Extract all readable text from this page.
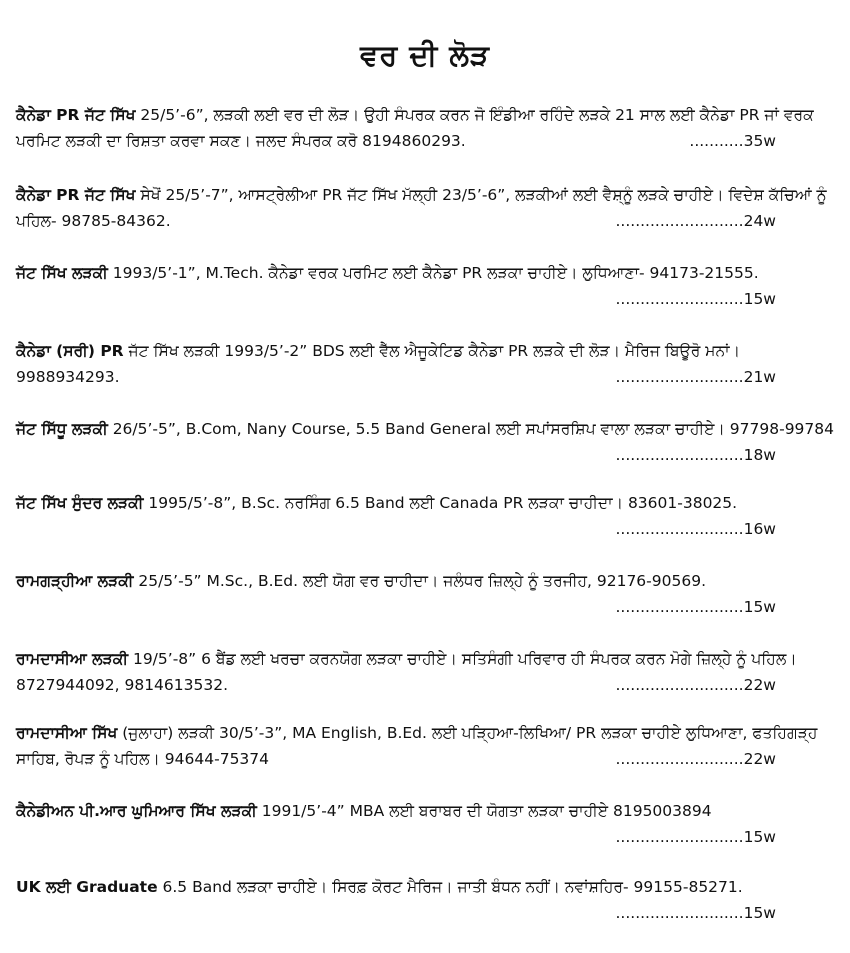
ਵਰ ਦੀ ਲੋੜ
ਕੈਨੇਡਾ PR ਜੱਟ ਸਿੱਖ 25/5’-6”, ਲੜਕੀ ਲਈ ਵਰ ਦੀ ਲੋੜ। ਉਹੀ ਸੰਪਰਕ ਕਰਨ ਜੋ ਇੰਡੀਆ ਰਹਿੰਦੇ ਲੜਕੇ 21 ਸਾਲ ਲਈ ਕੈਨੇਡਾ PR ਜਾਂ ਵਰਕ ਪਰਮਿਟ ਲੜਕੀ ਦਾ ਰਿਸ਼ਤਾ ਕਰਵਾ ਸਕਣ। ਜਲਦ ਸੰਪਰਕ ਕਰੋ 8194860293.	...........35w
ਕੈਨੇਡਾ PR ਜੱਟ ਸਿੱਖ ਸੇਖੋਂ 25/5’-7”, ਆਸਟ੍ਰੇਲੀਆ PR ਜੱਟ ਸਿੱਖ ਮੱਲ੍ਹੀ 23/5’-6”, ਲੜਕੀਆਂ ਲਈ ਵੈਸ਼੍ਨੂੰ ਲੜਕੇ ਚਾਹੀਏ। ਵਿਦੇਸ਼ ਕੱਚਿਆਂ ਨੂੰ ਪਹਿਲ- 98785-84362.	..........................24w
ਜੱਟ ਸਿੱਖ ਲੜਕੀ 1993/5’-1”, M.Tech. ਕੈਨੇਡਾ ਵਰਕ ਪਰਮਿਟ ਲਈ ਕੈਨੇਡਾ PR ਲੜਕਾ ਚਾਹੀਏ। ਲੁਧਿਆਣਾ- 94173-21555.
..........................15w
ਕੈਨੇਡਾ (ਸਰੀ) PR ਜੱਟ ਸਿੱਖ ਲੜਕੀ 1993/5’-2” BDS ਲਈ ਵੈੱਲ ਐਜੂਕੇਟਿਡ ਕੈਨੇਡਾ PR ਲੜਕੇ ਦੀ ਲੋੜ। ਮੈਰਿਜ ਬਿਊਰੋ ਮਨਾਂ। 9988934293.	..........................21w
ਜੱਟ ਸਿੱਧੂ ਲੜਕੀ 26/5’-5”, B.Com, Nany Course, 5.5 Band General ਲਈ ਸਪਾਂਸਰਸ਼ਿਪ ਵਾਲਾ ਲੜਕਾ ਚਾਹੀਏ। 97798-99784
..........................18w
ਜੱਟ ਸਿੱਖ ਸੁੰਦਰ ਲੜਕੀ 1995/5’-8”, B.Sc. ਨਰਸਿੰਗ 6.5 Band ਲਈ Canada PR ਲੜਕਾ ਚਾਹੀਦਾ। 83601-38025.
..........................16w
ਰਾਮਗੜ੍ਹੀਆ ਲੜਕੀ 25/5’-5” M.Sc., B.Ed. ਲਈ ਯੋਗ ਵਰ ਚਾਹੀਦਾ। ਜਲੰਧਰ ਜ਼ਿਲ੍ਹੇ ਨੂੰ ਤਰਜੀਹ, 92176-90569.
..........................15w
ਰਾਮਦਾਸੀਆ ਲੜਕੀ 19/5’-8” 6 ਬੈਂਡ ਲਈ ਖਰਚਾ ਕਰਨਯੋਗ ਲੜਕਾ ਚਾਹੀਏ। ਸਤਿਸੰਗੀ ਪਰਿਵਾਰ ਹੀ ਸੰਪਰਕ ਕਰਨ ਮੋਗੇ ਜ਼ਿਲ੍ਹੇ ਨੂੰ ਪਹਿਲ। 8727944092, 9814613532.	..........................22w
ਰਾਮਦਾਸੀਆ ਸਿੱਖ (ਜੁਲਾਹਾ) ਲੜਕੀ 30/5’-3”, MA English, B.Ed. ਲਈ ਪੜ੍ਹਿਆ-ਲਿਖਿਆ/ PR ਲੜਕਾ ਚਾਹੀਏ ਲੁਧਿਆਣਾ, ਫਤਹਿਗੜ੍ਹ ਸਾਹਿਬ, ਰੋਪੜ ਨੂੰ ਪਹਿਲ। 94644-75374	..........................22w
ਕੈਨੇਡੀਅਨ ਪੀ.ਆਰ ਘੁਮਿਆਰ ਸਿੱਖ ਲੜਕੀ 1991/5’-4” MBA ਲਈ ਬਰਾਬਰ ਦੀ ਯੋਗਤਾ ਲੜਕਾ ਚਾਹੀਏ 8195003894
..........................15w
UK ਲਈ Graduate 6.5 Band ਲੜਕਾ ਚਾਹੀਏ। ਸਿਰਫ਼ ਕੋਰਟ ਮੈਰਿਜ। ਜਾਤੀ ਬੰਧਨ ਨਹੀਂ। ਨਵਾਂਸ਼ਹਿਰ- 99155-85271.
..........................15w
